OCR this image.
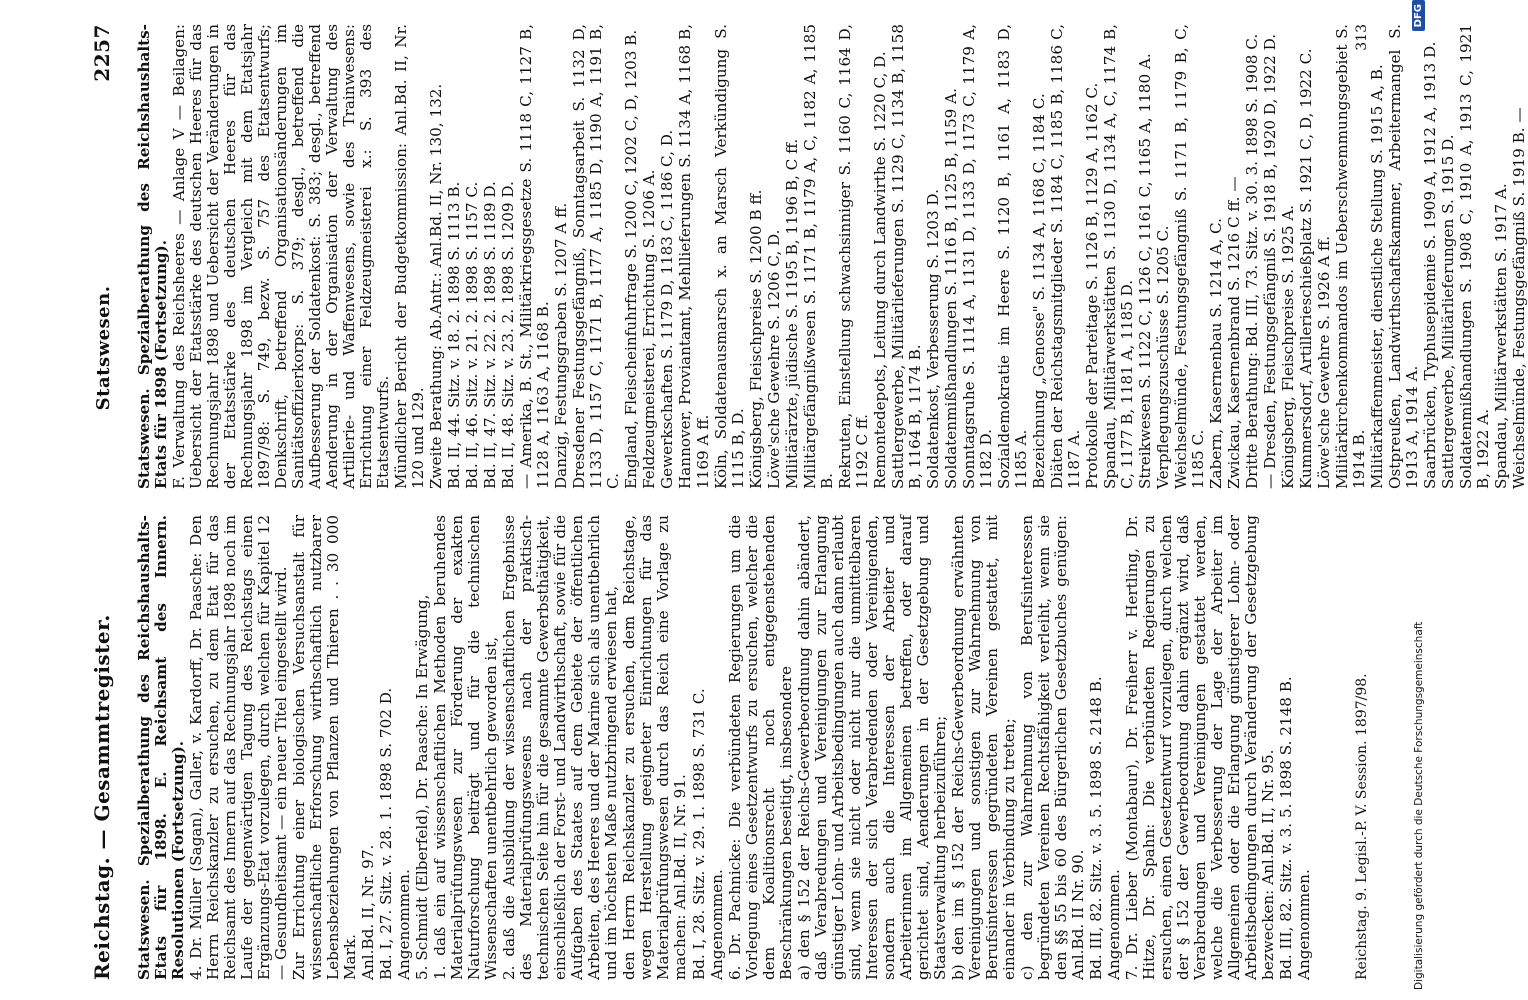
Reichstag. — Gesammtregister.
Statswesen.
2257

Statswesen. Spezialberathung des Reichshaushalts-Etats für 1898. E. Reichsamt des Innern. Resolutionen (Fortsetzung). 4. Dr. Müller (Sagan), Galler, v. Kardorff, Dr. Paasche: Den Herrn Reichskanzler zu ersuchen, zu dem Etat für das Reichsamt des Innern auf das Rechnungsjahr 1898 noch im Laufe der gegenwärtigen Tagung des Reichstags einen Ergänzungs-Etat vorzulegen, durch welchen für Kapitel 12 — Gesundheitsamt — ein neuer Titel eingestellt wird. Zur Errichtung einer biologischen Versuchsanstalt für wissenschaftliche Erforschung wirthschaftlich nutzbarer Lebensbeziehungen von Pflanzen und Thieren . . 30 000 Mark. Anl.Bd. II, Nr. 97. Bd. I, 27. Sitz. v. 28. 1. 1898 S. 702 D. Angenommen. 5. Schmidt (Elberfeld), Dr. Paasche: In Erwägung, 1. daß ein auf wissenschaftlichen Methoden beruhendes Materialprüfungswesen zur Förderung der exakten Naturforschung beiträgt und für die technischen Wissenschaften unentbehrlich geworden ist, 2. daß die Ausbildung der wissenschaftlichen Ergebnisse des Materialprüfungswesens nach der praktisch-technischen Seite hin für die gesammte Gewerbsthätigkeit, einschließlich der Forst- und Landwirthschaft, sowie für die Aufgaben des Staates auf dem Gebiete der öffentlichen Arbeiten, des Heeres und der Marine sich als unentbehrlich und im höchsten Maße nutzbringend erwiesen hat, den Herrn Reichskanzler zu ersuchen, dem Reichstage, wegen Herstellung geeigneter Einrichtungen für das Materialprüfungswesen durch das Reich eine Vorlage zu machen: Anl.Bd. II, Nr. 91. Bd. I, 28. Sitz. v. 29. 1. 1898 S. 731 C. Angenommen. 6. Dr. Pachnicke: Die verbündeten Regierungen um die Vorlegung eines Gesetzentwurfs zu ersuchen, welcher die dem Koalitionsrecht noch entgegenstehenden Beschränkungen beseitigt, insbesondere a) den § 152 der Reichs-Gewerbeordnung dahin abändert, daß Verabredungen und Vereinigungen zur Erlangung günstiger Lohn- und Arbeitsbedingungen auch dann erlaubt sind, wenn sie nicht oder nicht nur die unmittelbaren Interessen der sich Verabredenden oder Vereinigenden, sondern auch die Interessen der Arbeiter und Arbeiterinnen im Allgemeinen betreffen, oder darauf gerichtet sind, Aenderungen in der Gesetzgebung und Staatsverwaltung herbeizuführen; b) den im § 152 der Reichs-Gewerbeordnung erwähnten Vereinigungen und sonstigen zur Wahrnehmung von Berufsinteressen gegründeten Vereinen gestattet, mit einander in Verbindung zu treten; c) den zur Wahrnehmung von Berufsinteressen begründeten Vereinen Rechtsfähigkeit verleiht, wenn sie den §§ 55 bis 60 des Bürgerlichen Gesetzbuches genügen: Anl.Bd. II Nr. 90. Bd. III, 82. Sitz. v. 3. 5. 1898 S. 2148 B. Angenommen. 7. Dr. Lieber (Montabaur), Dr. Freiherr v. Hertling, Dr. Hitze, Dr. Spahn: Die verbündeten Regierungen zu ersuchen, einen Gesetzentwurf vorzulegen, durch welchen der § 152 der Gewerbeordnung dahin ergänzt wird, daß Verabredungen und Vereinigungen gestattet werden, welche die Verbesserung der Lage der Arbeiter im Allgemeinen oder die Erlangung günstigerer Lohn- oder Arbeitsbedingungen durch Veränderung der Gesetzgebung bezwecken: Anl.Bd. II, Nr. 95. Bd. III, 82. Sitz. v. 3. 5. 1898 S. 2148 B. Angenommen.

Statswesen. Spezialberathung des Reichshaushalts-Etats für 1898 (Fortsetzung). F. Verwaltung des Reichsheeres — Anlage V — Beilagen: Uebersicht der Etatsstärke des deutschen Heeres für das Rechnungsjahr 1898 und Uebersicht der Veränderungen in der Etatsstärke des deutschen Heeres für das Rechnungsjahr 1898 im Vergleich mit dem Etatsjahr 1897/98: S. 749, bezw. S. 757 des Etatsentwurfs; Denkschrift, betreffend Organisationsänderungen im Sanitätsoffizierkorps: S. 379; desgl., betreffend die Aufbesserung der Soldatenkost: S. 383; desgl., betreffend Aenderung in der Organisation der Verwaltung des Artillerie- und Waffenwesens, sowie des Trainwesens: Errichtung einer Feldzeugmeisterei x.: S. 393 des Etatsentwurfs. Mündlicher Bericht der Budgetkommission: Anl.Bd. II, Nr. 120 und 129. Zweite Berathung: Ab.Antr.: Anl.Bd. II, Nr. 130, 132. Bd. II, 44. Sitz. v. 18. 2. 1898 S. 1113 B. Bd. II, 46. Sitz. v. 21. 2. 1898 S. 1157 C. Bd. II, 47. Sitz. v. 22. 2. 1898 S. 1189 D. Bd. II, 48. Sitz. v. 23. 2. 1898 S. 1209 D. — Amerika, B. St., Militärkriegsgesetze S. 1118 C, 1127 B, 1128 A, 1163 A, 1168 B. Danzig, Festungsgraben S. 1207 A ff. Dresdener Festungsgefängniß, Sonntagsarbeit S. 1132 D, 1133 D, 1157 C, 1171 B, 1177 A, 1185 D, 1190 A, 1191 B, C. England, Fleischeinfuhrfrage S. 1200 C, 1202 C, D, 1203 B. Feldzeugmeisterei, Errichtung S. 1206 A. Gewerkschaften S. 1179 D, 1183 C, 1186 C, D. Hannover, Proviantamt, Mehllieferungen S. 1134 A, 1168 B, 1169 A ff. Köln, Soldatenausmarsch x. an Marsch Verkündigung S. 1115 B, D. Königsberg, Fleischpreise S. 1200 B ff. Löwe'sche Gewehre S. 1206 C, D. Militärärzte, jüdische S. 1195 B, 1196 B, C ff. Militärgefängnißwesen S. 1171 B, 1179 A, C, 1182 A, 1185 B. Rekruten, Einstellung schwachsinniger S. 1160 C, 1164 D, 1192 C ff. Remontedepots, Leitung durch Landwirthe S. 1220 C, D. Sattlergewerbe, Militärlieferungen S. 1129 C, 1134 B, 1158 B, 1164 B, 1174 B. Soldatenkost, Verbesserung S. 1203 D. Soldatenmißhandlungen S. 1116 B, 1125 B, 1159 A. Sonntagsruhe S. 1114 A, 1131 D, 1133 D, 1173 C, 1179 A, 1182 D. Sozialdemokratie im Heere S. 1120 B, 1161 A, 1183 D, 1185 A. Bezeichnung „Genosse" S. 1134 A, 1168 C, 1184 C. Diäten der Reichstagsmitglieder S. 1184 C, 1185 B, 1186 C, 1187 A. Protokolle der Parteitage S. 1126 B, 1129 A, 1162 C. Spandau, Militärwerkstätten S. 1130 D, 1134 A, C, 1174 B, C, 1177 B, 1181 A, 1185 D. Streikwesen S. 1122 C, 1126 C, 1161 C, 1165 A, 1180 A. Verpflegungszuschüsse S. 1205 C. Weichselmünde, Festungsgefängniß S. 1171 B, 1179 B, C, 1185 C. Zabern, Kasernenbau S. 1214 A, C. Zwickau, Kasernenbrand S. 1216 C ff. — Dritte Berathung: Bd. III, 73. Sitz. v. 30. 3. 1898 S. 1908 C. — Dresden, Festungsgefängniß S. 1918 B, 1920 D, 1922 D. Königsberg, Fleischpreise S. 1925 A. Kummersdorf, Artillerieschießplatz S. 1921 C, D, 1922 C. Löwe'sche Gewehre S. 1926 A ff. Militärkirchenkommandos im Ueberschwemmungsgebiet S. 1914 B. Militärkaffenmeister, dienstliche Stellung S. 1915 A, B. Ostpreußen, Landwirthschaftskammer, Arbeitermangel S. 1913 A, 1914 A. Saarbrücken, Typhusepidemie S. 1909 A, 1912 A, 1913 D. Sattlergewerbe, Militärlieferungen S. 1915 D. Soldatenmißhandlungen S. 1908 C, 1910 A, 1913 C, 1921 B, 1922 A. Spandau, Militärwerkstätten S. 1917 A. Weichselmünde, Festungsgefängniß S. 1919 B. —

Reichstag. 9. Legisl.-P. V. Session. 1897/98.
313
Digitalisierung gefördert durch die Deutsche Forschungsgemeinschaft
DFG
